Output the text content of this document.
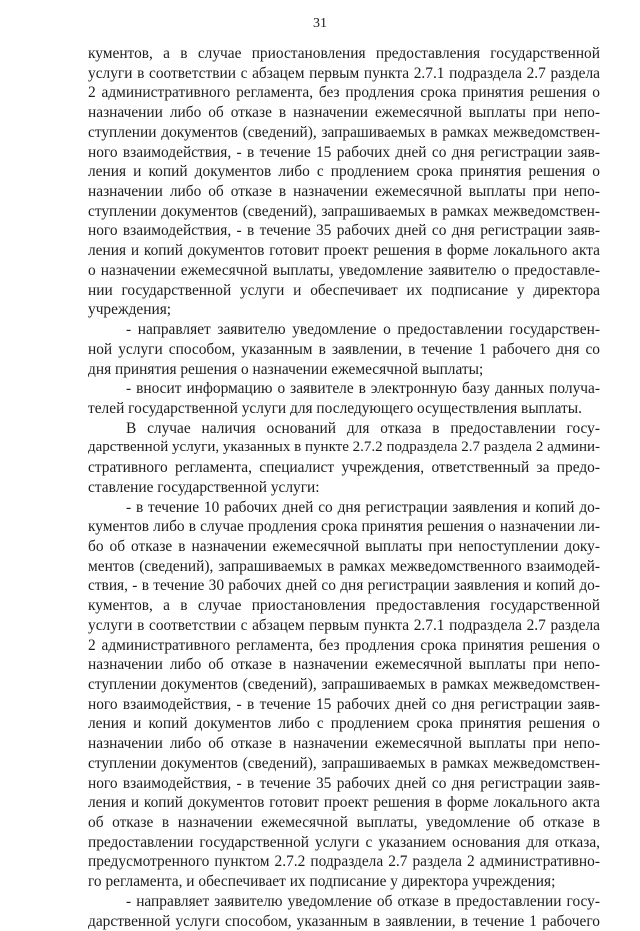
31
кументов, а в случае приостановления предоставления государственной
услуги в соответствии с абзацем первым пункта 2.7.1 подраздела 2.7 раздела
2 административного регламента, без продления срока принятия решения о
назначении либо об отказе в назначении ежемесячной выплаты при непо-
ступлении документов (сведений), запрашиваемых в рамках межведомствен-
ного взаимодействия, - в течение 15 рабочих дней со дня регистрации заяв-
ления и копий документов либо с продлением срока принятия решения о
назначении либо об отказе в назначении ежемесячной выплаты при непо-
ступлении документов (сведений), запрашиваемых в рамках межведомствен-
ного взаимодействия, - в течение 35 рабочих дней со дня регистрации заяв-
ления и копий документов готовит проект решения в форме локального акта
о назначении ежемесячной выплаты, уведомление заявителю о предоставле-
нии государственной услуги и обеспечивает их подписание у директора
учреждения;
- направляет заявителю уведомление о предоставлении государствен-
ной услуги способом, указанным в заявлении, в течение 1 рабочего дня со
дня принятия решения о назначении ежемесячной выплаты;
- вносит информацию о заявителе в электронную базу данных получа-
телей государственной услуги для последующего осуществления выплаты.
В случае наличия оснований для отказа в предоставлении госу-
дарственной услуги, указанных в пункте 2.7.2 подраздела 2.7 раздела 2 админи-
стративного регламента, специалист учреждения, ответственный за предо-
ставление государственной услуги:
- в течение 10 рабочих дней со дня регистрации заявления и копий до-
кументов либо в случае продления срока принятия решения о назначении ли-
бо об отказе в назначении ежемесячной выплаты при непоступлении доку-
ментов (сведений), запрашиваемых в рамках межведомственного взаимодей-
ствия, - в течение 30 рабочих дней со дня регистрации заявления и копий до-
кументов, а в случае приостановления предоставления государственной
услуги в соответствии с абзацем первым пункта 2.7.1 подраздела 2.7 раздела
2 административного регламента, без продления срока принятия решения о
назначении либо об отказе в назначении ежемесячной выплаты при непо-
ступлении документов (сведений), запрашиваемых в рамках межведомствен-
ного взаимодействия, - в течение 15 рабочих дней со дня регистрации заяв-
ления и копий документов либо с продлением срока принятия решения о
назначении либо об отказе в назначении ежемесячной выплаты при непо-
ступлении документов (сведений), запрашиваемых в рамках межведомствен-
ного взаимодействия, - в течение 35 рабочих дней со дня регистрации заяв-
ления и копий документов готовит проект решения в форме локального акта
об отказе в назначении ежемесячной выплаты, уведомление об отказе в
предоставлении государственной услуги с указанием основания для отказа,
предусмотренного пунктом 2.7.2 подраздела 2.7 раздела 2 административно-
го регламента, и обеспечивает их подписание у директора учреждения;
- направляет заявителю уведомление об отказе в предоставлении госу-
дарственной услуги способом, указанным в заявлении, в течение 1 рабочего
